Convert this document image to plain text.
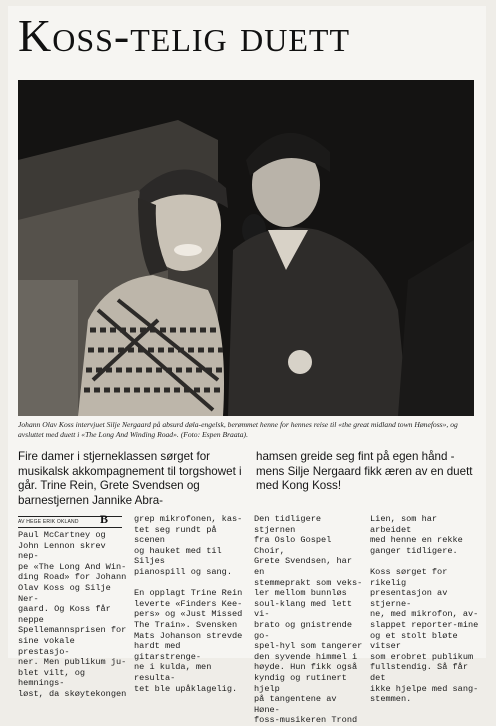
Koss-telig duett
Johann Olav Koss intervjuet Silje Nergaard på absurd døla-engelsk, berømmet henne for hennes reise til «the great midland town Hønefoss», og avsluttet med duett i «The Long And Winding Road». (Foto: Espen Braata).
Fire damer i stjerneklassen sørget for musikalsk akkompagnement til torgshowet i går. Trine Rein, Grete Svendsen og barnestjernen Jannike Abra-
hamsen greide seg fint på egen hånd - mens Silje Nergaard fikk æren av en duett med Kong Koss!
AV HEGE ERIK OKLAND	B
Paul McCartney og
John Lennon skrev nep-
pe «The Long And Win-
ding Road» for Johann
Olav Koss og Silje Ner-
gaard. Og Koss får neppe
Spellemannsprisen for
sine vokale prestasjo-
ner. Men publikum ju-
blet vilt, og hemnings-
løst, da skøytekongen
grep mikrofonen, kas-
tet seg rundt på scenen
og hauket med til Siljes
pianospill og sang.

En opplagt Trine Rein
leverte «Finders Kee-
pers» og «Just Missed
The Train». Svensken
Mats Johanson strevde
hardt med gitarstrenge-
ne i kulda, men resulta-
tet ble upåklagelig.
Den tidligere stjernen
fra Oslo Gospel Choir,
Grete Svendsen, har en
stemmeprakt som veks-
ler mellom bunnløs
soul-klang med lett vi-
brato og gnistrende go-
spel-hyl som tangerer
den syvende himmel i
høyde. Hun fikk også
kyndig og rutinert hjelp
på tangentene av Høne-
foss-musikeren Trond
Lien, som har arbeidet
med henne en rekke
ganger tidligere.

Koss sørget for rikelig
presentasjon av stjerne-
ne, med mikrofon, av-
slappet reporter-mine
og et stolt bløte vitser
som erobret publikum
fullstendig. Så får det
ikke hjelpe med sang-
stemmen.
